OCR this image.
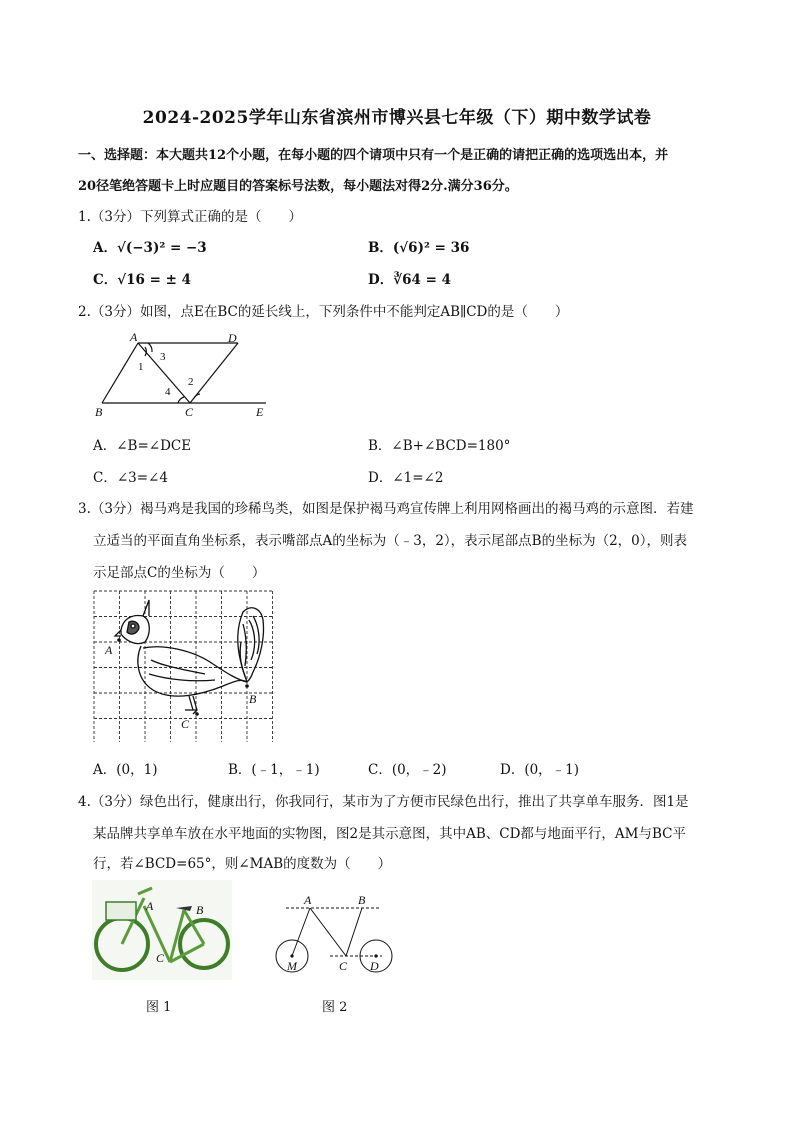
2024-2025学年山东省滨州市博兴县七年级（下）期中数学试卷
一、选择题：本大题共12个小题，在每小题的四个请项中只有一个是正确的请把正确的选项选出本，并
20径笔绝答题卡上时应题目的答案标号法数，每小题法对得2分.满分36分。
1.（3分）下列算式正确的是（　　）
A．√(−3)² = −3	B．(√6)² = 36
C．√16 = ± 4	D．∛64 = 4
2.（3分）如图，点E在BC的延长线上，下列条件中不能判定AB∥CD的是（　　）
A	D
B	C	E
1
3
2
4
A．∠B=∠DCE	B．∠B+∠BCD=180°
C．∠3=∠4	D．∠1=∠2
3.（3分）褐马鸡是我国的珍稀鸟类，如图是保护褐马鸡宣传牌上利用网格画出的褐马鸡的示意图．若建
立适当的平面直角坐标系，表示嘴部点A的坐标为（﹣3，2），表示尾部点B的坐标为（2，0），则表
示足部点C的坐标为（　　）
A
B
C
A．(0，1)	B．(﹣1，﹣1)	C．(0，﹣2)	D．(0，﹣1)
4.（3分）绿色出行，健康出行，你我同行，某市为了方便市民绿色出行，推出了共享单车服务．图1是
某品牌共享单车放在水平地面的实物图，图2是其示意图，其中AB、CD都与地面平行，AM与BC平
行，若∠BCD=65°，则∠MAB的度数为（　　）
A	B
C
图 1
A	B
M	C D
图 2
